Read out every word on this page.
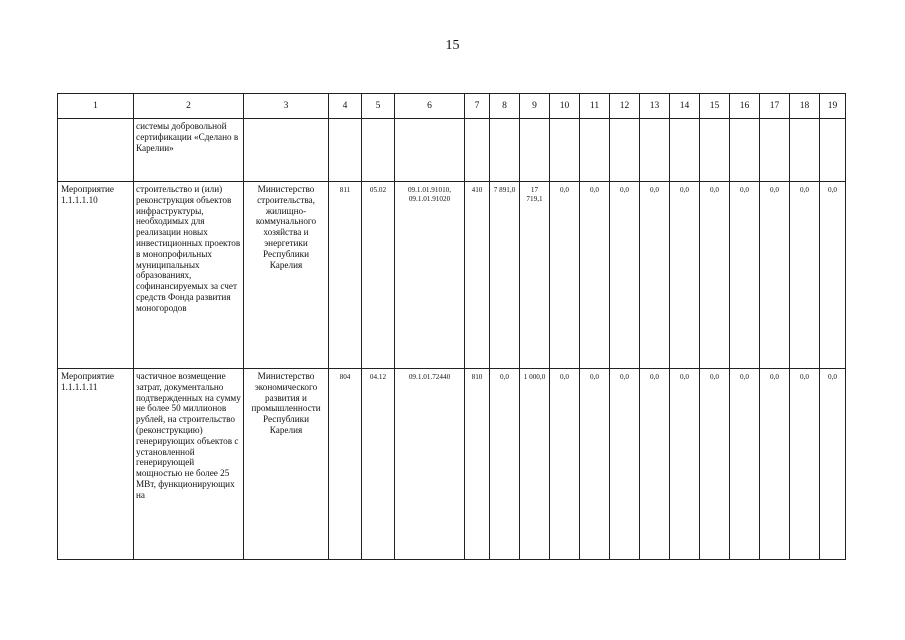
15
1	2	3	4	5	6	7	8	9	10	11	12	13	14	15	16	17	18	19
	системы добровольной сертификации «Сделано в Карелии»																	
Мероприятие 1.1.1.1.10	строительство и (или) реконструкция объектов инфраструктуры, необходимых для реализации новых инвестиционных проектов в монопрофильных муниципальных образованиях, софинансируемых за счет средств Фонда развития моногородов	Министерство строительства, жилищно-коммунального хозяйства и энергетики Республики Карелия	811	05.02	09.1.01.91010, 09.1.01.91020	410	7 891,0	17 719,1	0,0	0,0	0,0	0,0	0,0	0,0	0,0	0,0	0,0	0,0
Мероприятие 1.1.1.1.11	частичное возмещение затрат, документально подтвержденных на сумму не более 50 миллионов рублей, на строительство (реконструкцию) генерирующих объектов с установленной генерирующей мощностью не более 25 МВт, функционирующих на	Министерство экономического развития и промышленности Республики Карелия	804	04.12	09.1.01.72440	810	0,0	1 000,0	0,0	0,0	0,0	0,0	0,0	0,0	0,0	0,0	0,0	0,0
